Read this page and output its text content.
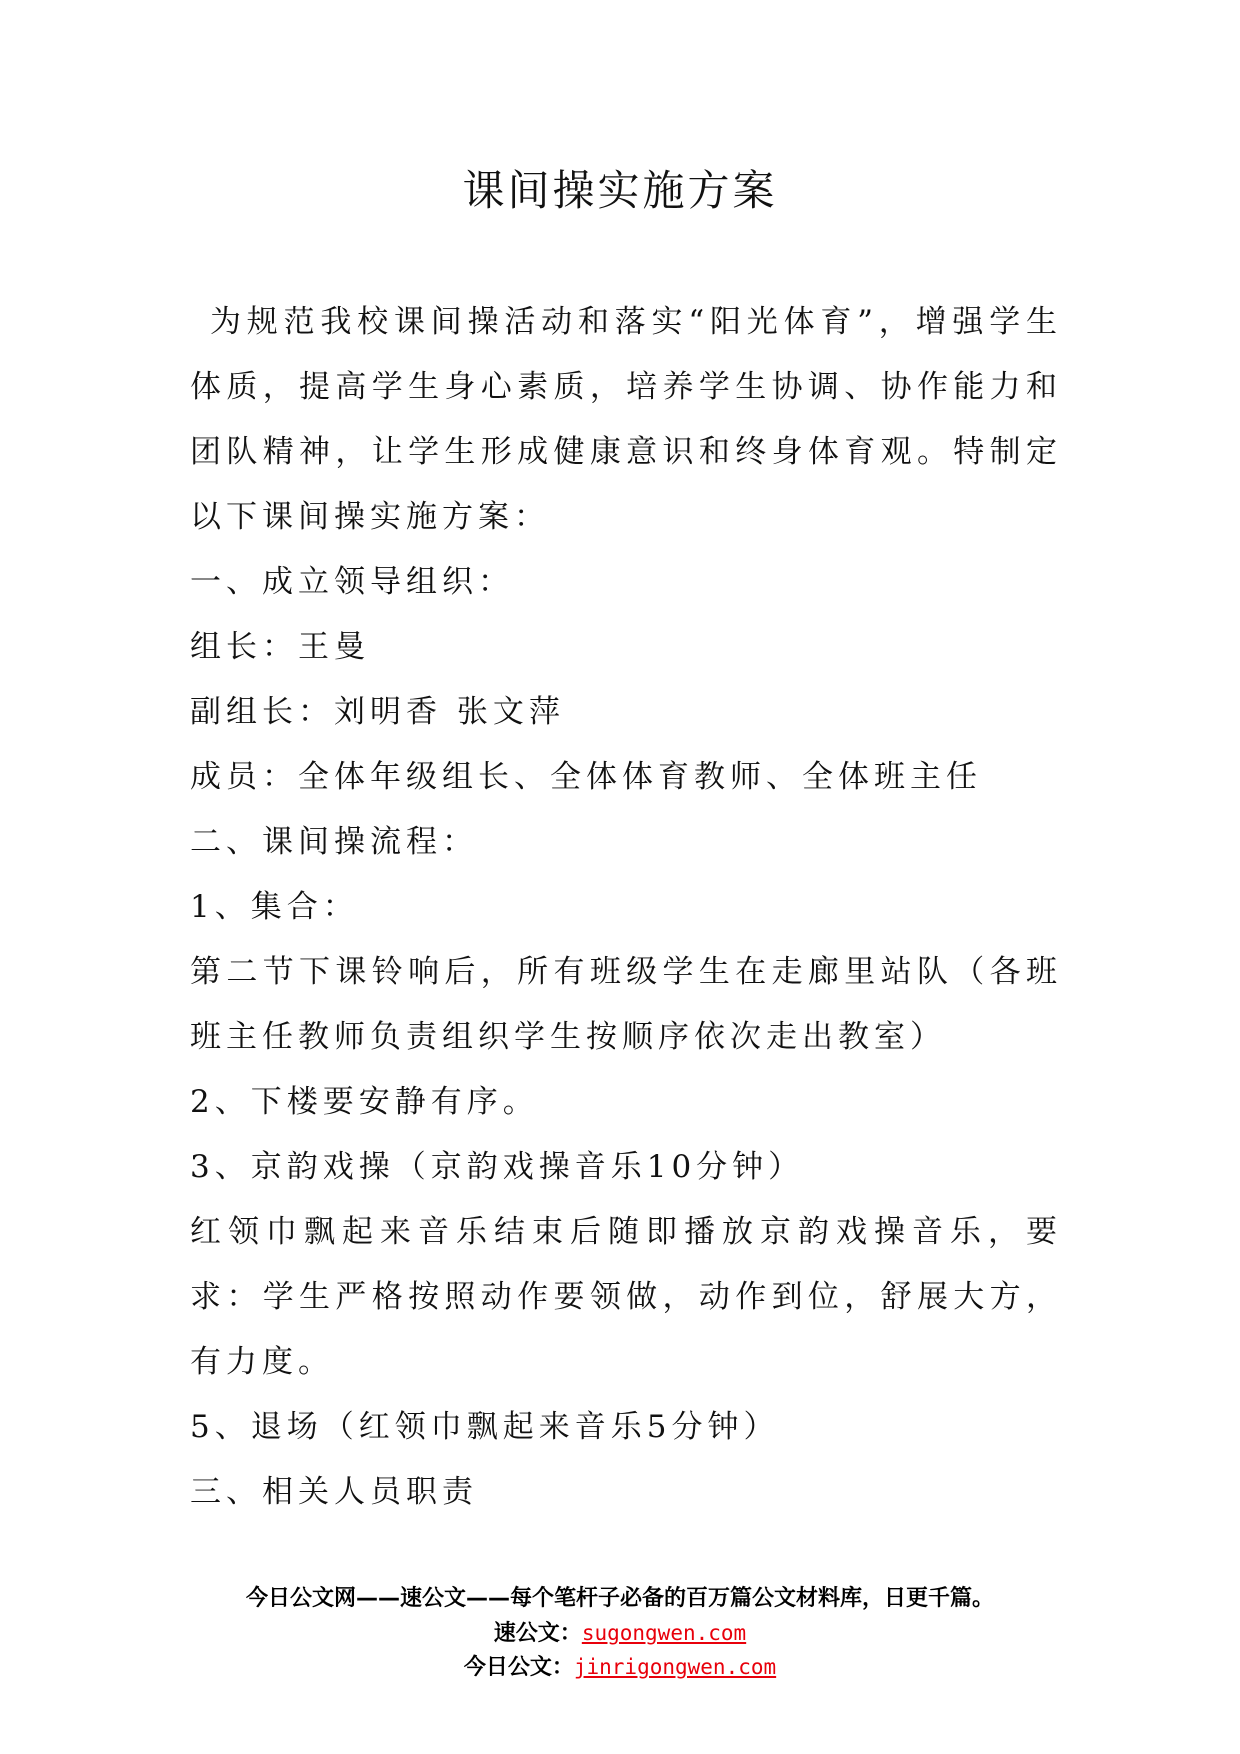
课间操实施方案

为规范我校课间操活动和落实“阳光体育”，增强学生体质，提高学生身心素质，培养学生协调、协作能力和团队精神，让学生形成健康意识和终身体育观。特制定以下课间操实施方案：

一、成立领导组织：

组长：王曼

副组长：刘明香 张文萍

成员：全体年级组长、全体体育教师、全体班主任

二、课间操流程：

1、集合：

第二节下课铃响后，所有班级学生在走廊里站队（各班班主任教师负责组织学生按顺序依次走出教室）

2、下楼要安静有序。

3、京韵戏操（京韵戏操音乐10分钟）

红领巾飘起来音乐结束后随即播放京韵戏操音乐，要求：学生严格按照动作要领做，动作到位，舒展大方，有力度。

5、退场（红领巾飘起来音乐5分钟）

三、相关人员职责

今日公文网——速公文——每个笔杆子必备的百万篇公文材料库，日更千篇。
速公文：sugongwen.com
今日公文：jinrigongwen.com
